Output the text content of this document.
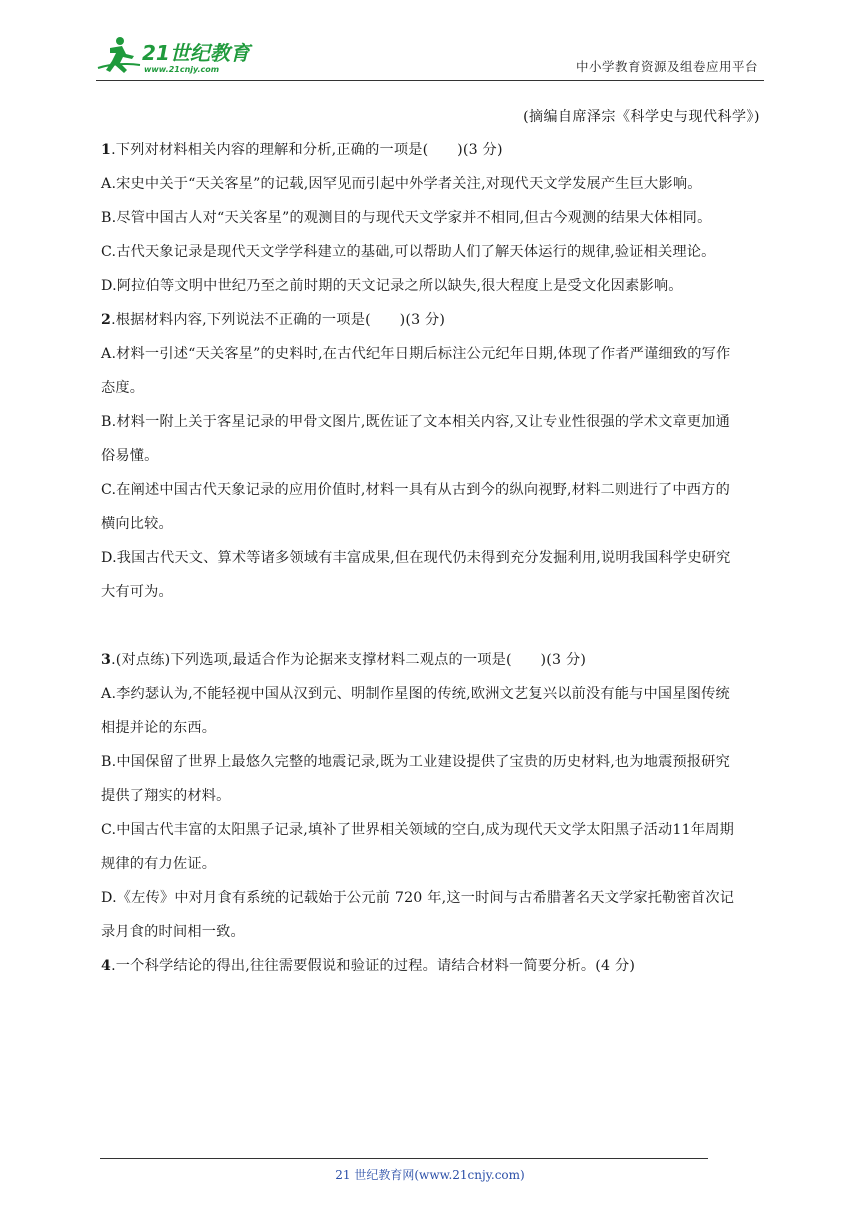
21世纪教育
www.21cnjy.com	中小学教育资源及组卷应用平台
(摘编自席泽宗《科学史与现代科学》)

1.下列对材料相关内容的理解和分析,正确的一项是(　　)(3 分)

A.宋史中关于“天关客星”的记载,因罕见而引起中外学者关注,对现代天文学发展产生巨大影响。

B.尽管中国古人对“天关客星”的观测目的与现代天文学家并不相同,但古今观测的结果大体相同。

C.古代天象记录是现代天文学学科建立的基础,可以帮助人们了解天体运行的规律,验证相关理论。

D.阿拉伯等文明中世纪乃至之前时期的天文记录之所以缺失,很大程度上是受文化因素影响。

2.根据材料内容,下列说法不正确的一项是(　　)(3 分)

A.材料一引述“天关客星”的史料时,在古代纪年日期后标注公元纪年日期,体现了作者严谨细致的写作

态度。

B.材料一附上关于客星记录的甲骨文图片,既佐证了文本相关内容,又让专业性很强的学术文章更加通

俗易懂。

C.在阐述中国古代天象记录的应用价值时,材料一具有从古到今的纵向视野,材料二则进行了中西方的

横向比较。

D.我国古代天文、算术等诸多领域有丰富成果,但在现代仍未得到充分发掘利用,说明我国科学史研究

大有可为。

3.(对点练)下列选项,最适合作为论据来支撑材料二观点的一项是(　　)(3 分)

A.李约瑟认为,不能轻视中国从汉到元、明制作星图的传统,欧洲文艺复兴以前没有能与中国星图传统

相提并论的东西。

B.中国保留了世界上最悠久完整的地震记录,既为工业建设提供了宝贵的历史材料,也为地震预报研究

提供了翔实的材料。

C.中国古代丰富的太阳黑子记录,填补了世界相关领域的空白,成为现代天文学太阳黑子活动11年周期

规律的有力佐证。

D.《左传》中对月食有系统的记载始于公元前 720 年,这一时间与古希腊著名天文学家托勒密首次记

录月食的时间相一致。

4.一个科学结论的得出,往往需要假说和验证的过程。请结合材料一简要分析。(4 分)

21 世纪教育网(www.21cnjy.com)
